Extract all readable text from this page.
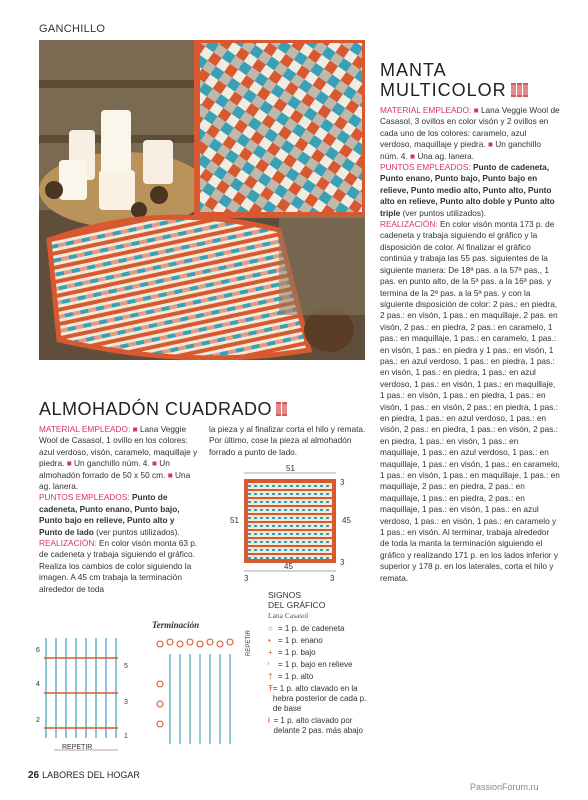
GANCHILLO
MANTA
MULTICOLOR
MATERIAL EMPLEADO: ■ Lana Veggie Wool de Casasol, 3 ovillos en color visón y 2 ovillos en cada uno de los colores: caramelo, azul verdoso, maquillaje y piedra. ■ Un ganchillo núm. 4. ■ Una ag. lanera.
PUNTOS EMPLEADOS: Punto de cadeneta, Punto enano, Punto bajo, Punto bajo en relieve, Punto medio alto, Punto alto, Punto alto en relieve, Punto alto doble y Punto alto triple (ver puntos utilizados).
REALIZACIÓN: En color visón monta 173 p. de cadeneta y trabaja siguiendo el gráfico y la disposición de color. Al finalizar el gráfico continúa y trabaja las 55 pas. siguientes de la siguiente manera: De 18ª pas. a la 57ª pas., 1 pas. en punto alto, de la 5ª pas. a la 16ª pas. y termina de la 2ª pas. a la 5ª pas. y con la siguiente disposición de color: 2 pas.: en piedra, 2 pas.: en visón, 1 pas.: en maquillaje, 2 pas. en visón, 2 pas.: en piedra, 2 pas.: en caramelo, 1 pas.: en maquillaje, 1 pas.: en caramelo, 1 pas.: en visón, 1 pas.: en piedra y 1 pas.: en visón, 1 pas.: en azul verdoso, 1 pas.: en piedra, 1 pas.: en visón, 1 pas.: en piedra, 1 pas.: en azul verdoso, 1 pas.: en visón, 1 pas.: en maquillaje, 1 pas.: en visón, 1 pas.: en piedra, 1 pas.: en visón, 1 pas.: en visón, 2 pas.: en piedra, 1 pas.: en piedra, 1 pas.: en azul verdoso, 1 pas.: en visón, 2 pas.: en piedra, 1 pas.: en visón, 2 pas.: en piedra, 1 pas.: en visón, 1 pas.: en maquillaje, 1 pas.: en azul verdoso, 1 pas.: en maquillaje, 1 pas.: en visón, 1 pas.: en caramelo, 1 pas.: en visón, 1 pas.: en maquillaje, 1 pas.: en maquillaje, 2 pas.: en piedra, 2 pas.: en maquillaje, 1 pas.: en piedra, 2 pas.: en maquillaje, 1 pas.: en visón, 1 pas.: en azul verdoso, 1 pas.: en visón, 1 pas.: en caramelo y 1 pas.: en visón. Al terminar, trabaja alrededor de toda la manta la terminación siguiendo el gráfico y realizando 171 p. en los lados inferior y superior y 178 p. en los laterales, corta el hilo y remata.
ALMOHADÓN CUADRADO
MATERIAL EMPLEADO: ■ Lana Veggie Wool de Casasol, 1 ovillo en los colores: azul verdoso, visón, caramelo, maquillaje y piedra. ■ Un ganchillo núm. 4. ■ Un almohadón forrado de 50 x 50 cm. ■ Una ag. lanera.
PUNTOS EMPLEADOS: Punto de cadeneta, Punto enano, Punto bajo, Punto bajo en relieve, Punto alto y Punto de lado (ver puntos utilizados).
REALIZACIÓN: En color visón monta 63 p. de cadeneta y trabaja siguiendo el gráfico. Realiza los cambios de color siguiendo la imagen. A 45 cm trabaja la terminación alrededor de toda
la pieza y al finalizar corta el hilo y remata. Por último, cose la pieza al almohadón forrado a punto de lado.
51
51	45
3
3
45
3	3
6
5
4
3
2
1
REPETIR
Terminación
REPETIR
SIGNOS
DEL GRÁFICO
Lana Casasol
○ = 1 p. de cadeneta
• = 1 p. enano
+ = 1 p. bajo
ᶧ	= 1 p. bajo en relieve
† = 1 p. alto
Ŧ = 1 p. alto clavado en la hebra posterior de cada p. de base
ł = 1 p. alto clavado por delante 2 pas. más abajo
26 LABORES DEL HOGAR
PassionForum.ru
